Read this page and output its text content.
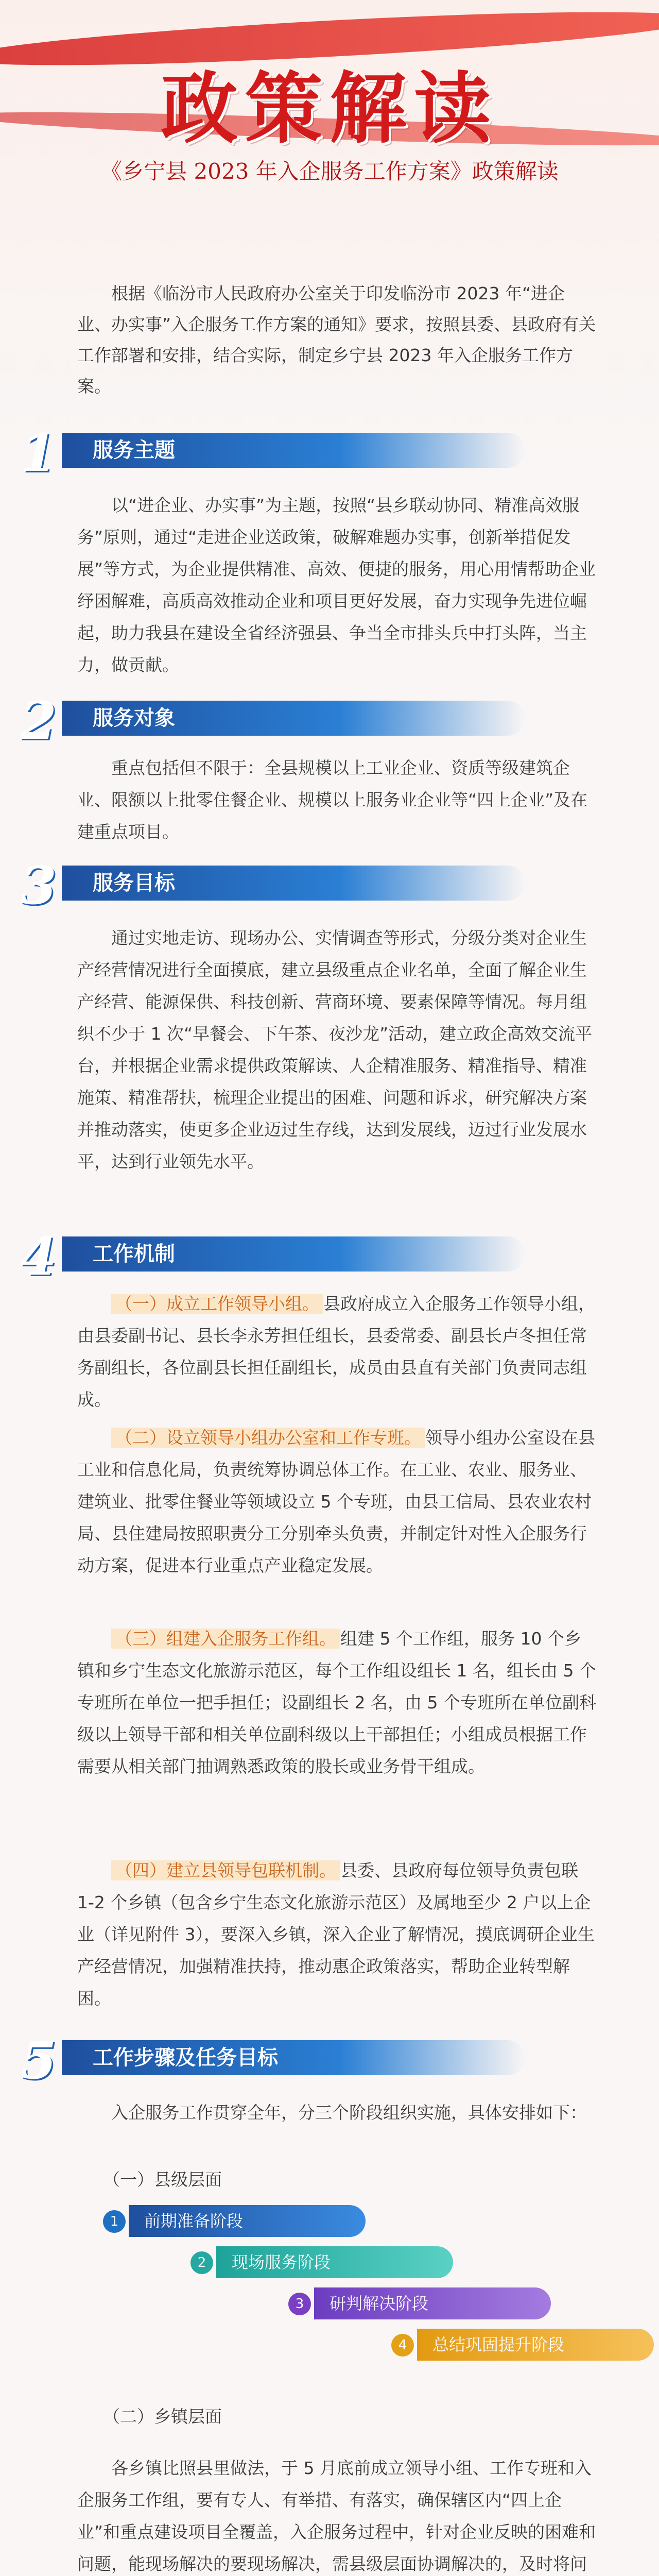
政策解读
《乡宁县 2023 年入企服务工作方案》政策解读
根据《临汾市人民政府办公室关于印发临汾市 2023 年“进企业、办实事”入企服务工作方案的通知》要求，按照县委、县政府有关工作部署和安排，结合实际，制定乡宁县 2023 年入企服务工作方案。
1	服务主题
以“进企业、办实事”为主题，按照“县乡联动协同、精准高效服务”原则，通过“走进企业送政策，破解难题办实事，创新举措促发展”等方式，为企业提供精准、高效、便捷的服务，用心用情帮助企业纾困解难，高质高效推动企业和项目更好发展，奋力实现争先进位崛起，助力我县在建设全省经济强县、争当全市排头兵中打头阵，当主力，做贡献。
2	服务对象
重点包括但不限于：全县规模以上工业企业、资质等级建筑企业、限额以上批零住餐企业、规模以上服务业企业等“四上企业”及在建重点项目。
3	服务目标
通过实地走访、现场办公、实情调查等形式，分级分类对企业生产经营情况进行全面摸底，建立县级重点企业名单，全面了解企业生产经营、能源保供、科技创新、营商环境、要素保障等情况。每月组织不少于 1 次“早餐会、下午茶、夜沙龙”活动，建立政企高效交流平台，并根据企业需求提供政策解读、人企精准服务、精准指导、精准施策、精准帮扶，梳理企业提出的困难、问题和诉求，研究解决方案并推动落实，使更多企业迈过生存线，达到发展线，迈过行业发展水平，达到行业领先水平。
4	工作机制
（一）成立工作领导小组。 县政府成立入企服务工作领导小组，由县委副书记、县长李永芳担任组长，县委常委、副县长卢冬担任常务副组长，各位副县长担任副组长，成员由县直有关部门负责同志组成。
（二）设立领导小组办公室和工作专班。 领导小组办公室设在县工业和信息化局，负责统筹协调总体工作。在工业、农业、服务业、建筑业、批零住餐业等领域设立 5 个专班，由县工信局、县农业农村局、县住建局按照职责分工分别牵头负责，并制定针对性入企服务行动方案，促进本行业重点产业稳定发展。
（三）组建入企服务工作组。 组建 5 个工作组，服务 10 个乡镇和乡宁生态文化旅游示范区，每个工作组设组长 1 名，组长由 5 个专班所在单位一把手担任；设副组长 2 名，由 5 个专班所在单位副科级以上领导干部和相关单位副科级以上干部担任；小组成员根据工作需要从相关部门抽调熟悉政策的股长或业务骨干组成。
（四）建立县领导包联机制。 县委、县政府每位领导负责包联 1-2 个乡镇（包含乡宁生态文化旅游示范区）及属地至少 2 户以上企业（详见附件 3），要深入乡镇，深入企业了解情况，摸底调研企业生产经营情况，加强精准扶持，推动惠企政策落实，帮助企业转型解困。
5	工作步骤及任务目标
入企服务工作贯穿全年，分三个阶段组织实施，具体安排如下：
（一）县级层面
1	前期准备阶段
2	现场服务阶段
3	研判解决阶段
4	总结巩固提升阶段
（二）乡镇层面
各乡镇比照县里做法，于 5 月底前成立领导小组、工作专班和入企服务工作组，要有专人、有举措、有落实，确保辖区内“四上企业”和重点建设项目全覆盖，入企服务过程中，针对企业反映的困难和问题，能现场解决的要现场解决，需县级层面协调解决的，及时将问
